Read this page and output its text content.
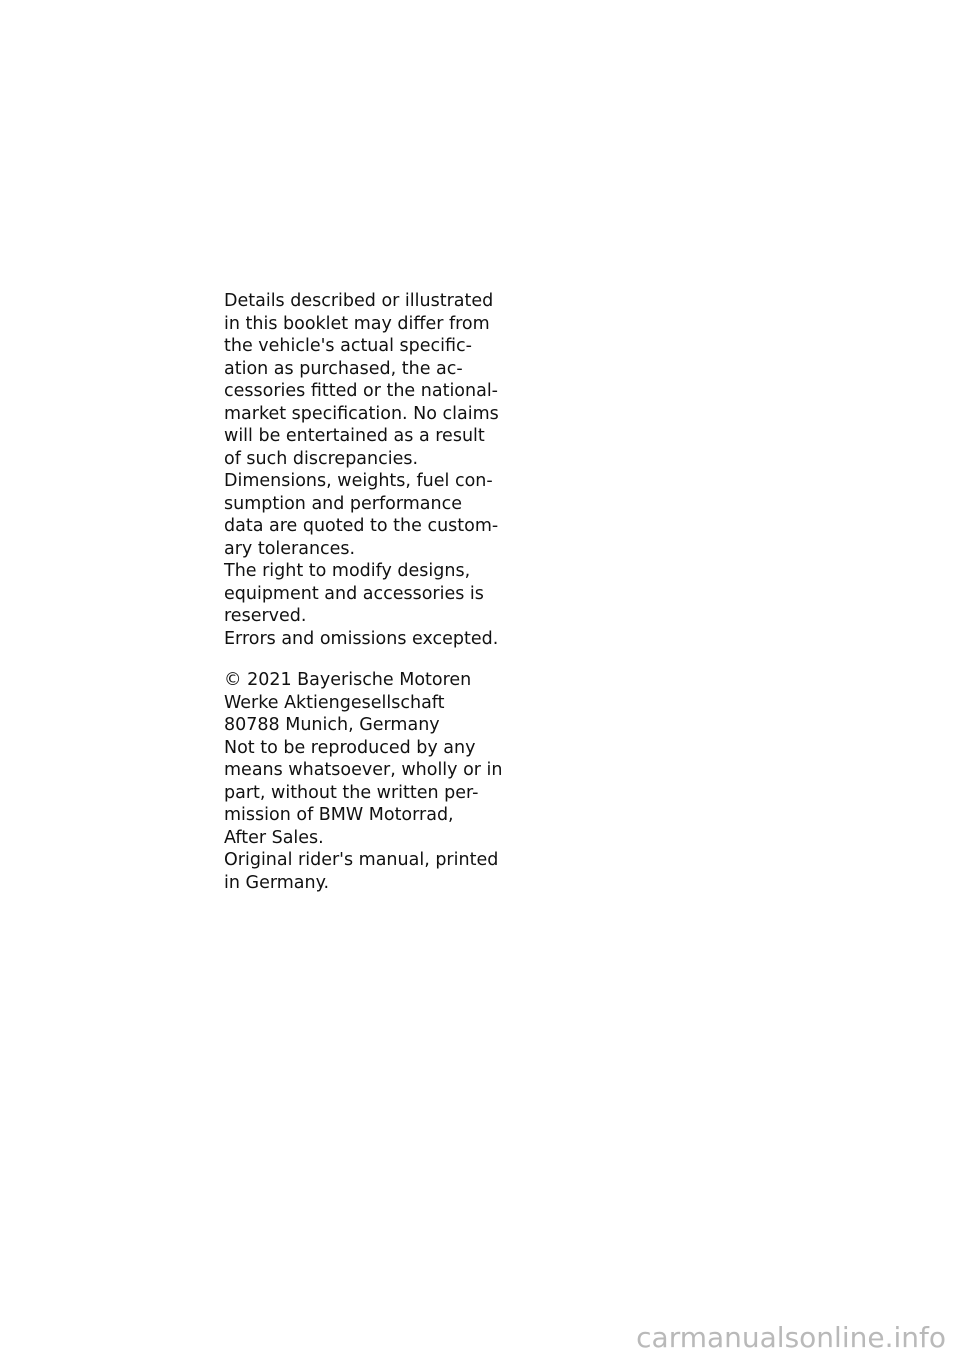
Details described or illustrated
in this booklet may differ from
the vehicle's actual specific-
ation as purchased, the ac-
cessories fitted or the national-
market specification. No claims
will be entertained as a result
of such discrepancies.
Dimensions, weights, fuel con-
sumption and performance
data are quoted to the custom-
ary tolerances.
The right to modify designs,
equipment and accessories is
reserved.
Errors and omissions excepted.
© 2021 Bayerische Motoren
Werke Aktiengesellschaft
80788 Munich, Germany
Not to be reproduced by any
means whatsoever, wholly or in
part, without the written per-
mission of BMW Motorrad,
After Sales.
Original rider's manual, printed
in Germany.
carmanualsonline.info
